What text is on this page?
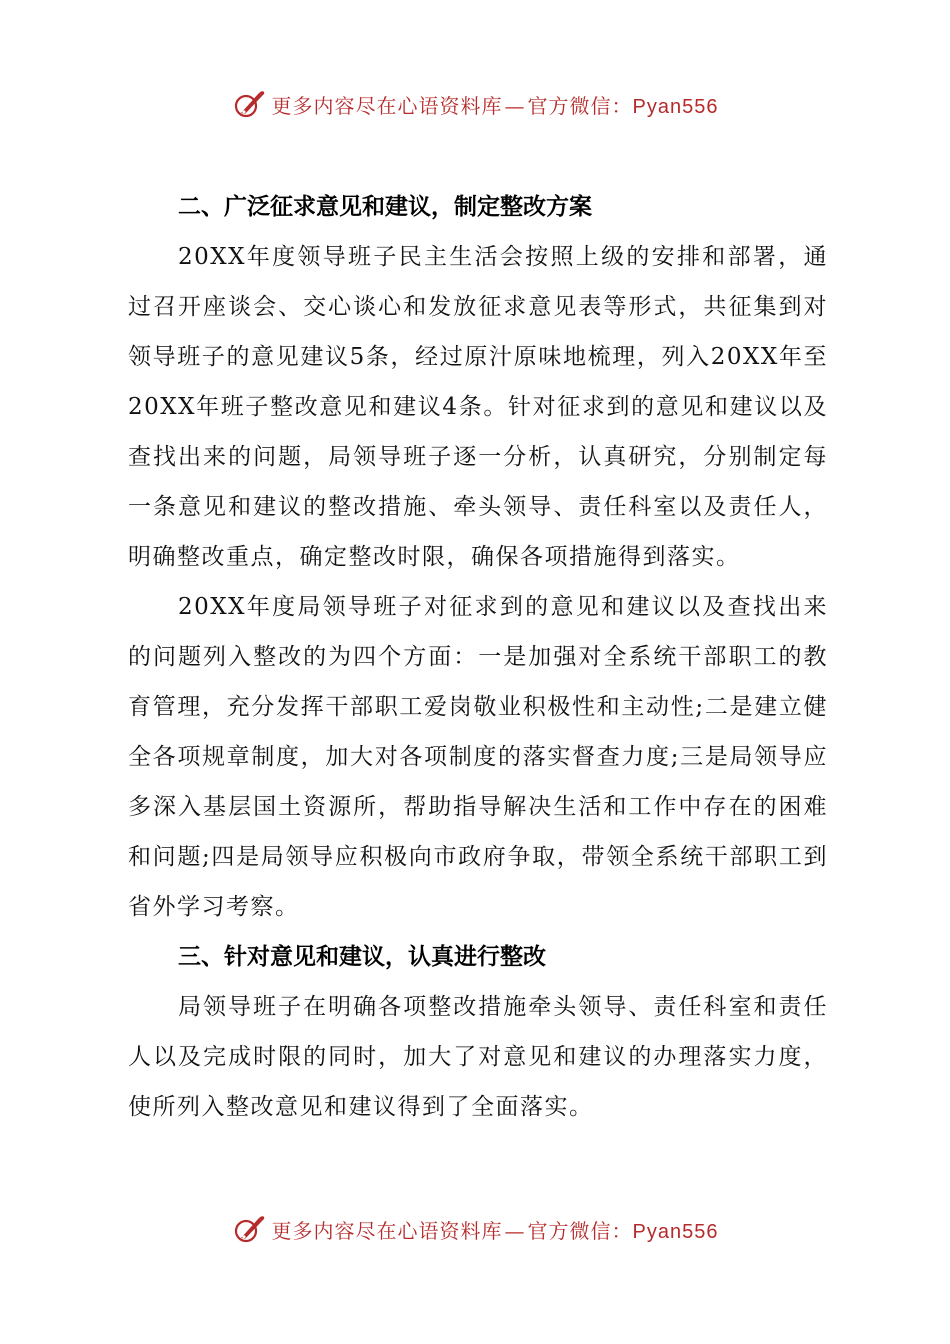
更多内容尽在心语资料库 — 官方微信：Pyan556
二、广泛征求意见和建议，制定整改方案

20XX年度领导班子民主生活会按照上级的安排和部署，通过召开座谈会、交心谈心和发放征求意见表等形式，共征集到对领导班子的意见建议5条，经过原汁原味地梳理，列入20XX年至20XX年班子整改意见和建议4条。针对征求到的意见和建议以及查找出来的问题，局领导班子逐一分析，认真研究，分别制定每一条意见和建议的整改措施、牵头领导、责任科室以及责任人，明确整改重点，确定整改时限，确保各项措施得到落实。

20XX年度局领导班子对征求到的意见和建议以及查找出来的问题列入整改的为四个方面：一是加强对全系统干部职工的教育管理，充分发挥干部职工爱岗敬业积极性和主动性;二是建立健全各项规章制度，加大对各项制度的落实督查力度;三是局领导应多深入基层国土资源所，帮助指导解决生活和工作中存在的困难和问题;四是局领导应积极向市政府争取，带领全系统干部职工到省外学习考察。

三、针对意见和建议，认真进行整改

局领导班子在明确各项整改措施牵头领导、责任科室和责任人以及完成时限的同时，加大了对意见和建议的办理落实力度，使所列入整改意见和建议得到了全面落实。

更多内容尽在心语资料库 — 官方微信：Pyan556
